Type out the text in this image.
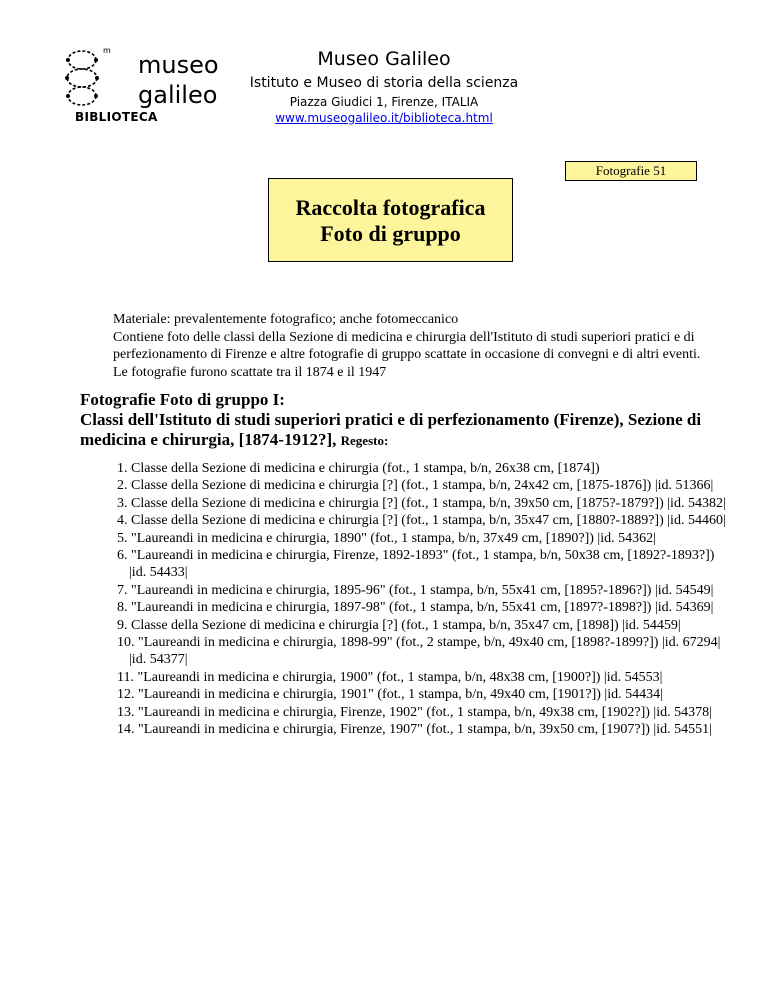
m
museo
galileo
BIBLIOTECA
Museo Galileo
Istituto e Museo di storia della scienza
Piazza Giudici 1, Firenze, ITALIA
www.museogalileo.it/biblioteca.html
Fotografie 51
Raccolta fotografica
Foto di gruppo
Materiale: prevalentemente fotografico; anche fotomeccanico
Contiene foto delle classi della Sezione di medicina e chirurgia dell'Istituto di studi superiori pratici e di perfezionamento di Firenze e altre fotografie di gruppo scattate in occasione di convegni e di altri eventi. Le fotografie furono scattate tra il 1874 e il 1947
Fotografie Foto di gruppo I:
Classi dell'Istituto di studi superiori pratici e di perfezionamento (Firenze), Sezione di medicina e chirurgia, [1874-1912?], Regesto:
1. Classe della Sezione di medicina e chirurgia (fot., 1 stampa, b/n, 26x38 cm, [1874])
2. Classe della Sezione di medicina e chirurgia [?] (fot., 1 stampa, b/n, 24x42 cm, [1875-1876]) |id. 51366|
3. Classe della Sezione di medicina e chirurgia [?] (fot., 1 stampa, b/n, 39x50 cm, [1875?-1879?]) |id. 54382|
4. Classe della Sezione di medicina e chirurgia [?] (fot., 1 stampa, b/n, 35x47 cm, [1880?-1889?]) |id. 54460|
5. "Laureandi in medicina e chirurgia, 1890" (fot., 1 stampa, b/n, 37x49 cm, [1890?]) |id. 54362|
6. "Laureandi in medicina e chirurgia, Firenze, 1892-1893" (fot., 1 stampa, b/n, 50x38 cm, [1892?-1893?]) |id. 54433|
7. "Laureandi in medicina e chirurgia, 1895-96" (fot., 1 stampa, b/n, 55x41 cm, [1895?-1896?]) |id. 54549|
8. "Laureandi in medicina e chirurgia, 1897-98" (fot., 1 stampa, b/n, 55x41 cm, [1897?-1898?]) |id. 54369|
9. Classe della Sezione di medicina e chirurgia [?] (fot., 1 stampa, b/n, 35x47 cm, [1898]) |id. 54459|
10. "Laureandi in medicina e chirurgia, 1898-99" (fot., 2 stampe, b/n, 49x40 cm, [1898?-1899?]) |id. 67294| |id. 54377|
11. "Laureandi in medicina e chirurgia, 1900" (fot., 1 stampa, b/n, 48x38 cm, [1900?]) |id. 54553|
12. "Laureandi in medicina e chirurgia, 1901" (fot., 1 stampa, b/n, 49x40 cm, [1901?]) |id. 54434|
13. "Laureandi in medicina e chirurgia, Firenze, 1902" (fot., 1 stampa, b/n, 49x38 cm, [1902?]) |id. 54378|
14. "Laureandi in medicina e chirurgia, Firenze, 1907" (fot., 1 stampa, b/n, 39x50 cm, [1907?]) |id. 54551|
